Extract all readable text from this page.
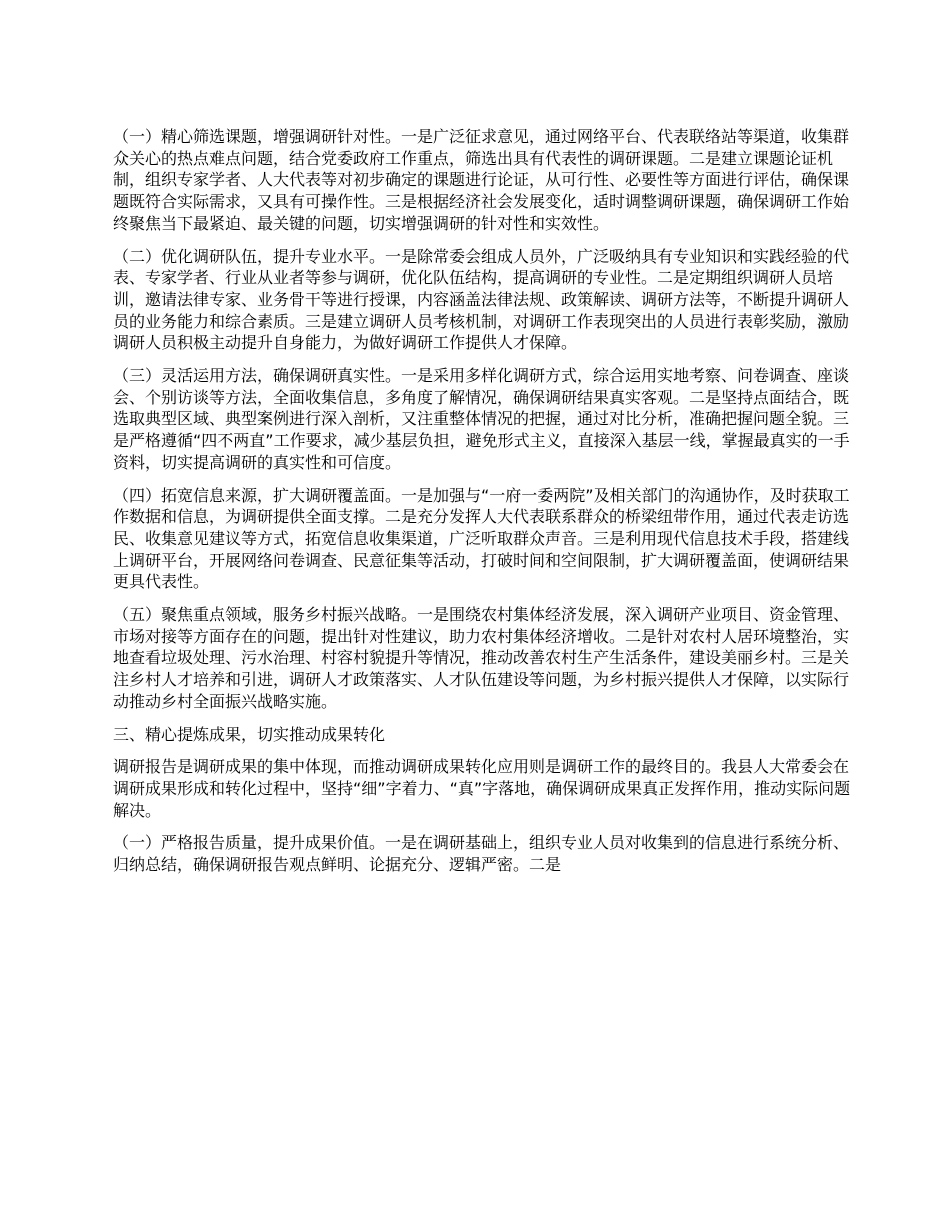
（一）精心筛选课题，增强调研针对性。一是广泛征求意见，通过网络平台、代表联络站等渠道，收集群众关心的热点难点问题，结合党委政府工作重点，筛选出具有代表性的调研课题。二是建立课题论证机制，组织专家学者、人大代表等对初步确定的课题进行论证，从可行性、必要性等方面进行评估，确保课题既符合实际需求，又具有可操作性。三是根据经济社会发展变化，适时调整调研课题，确保调研工作始终聚焦当下最紧迫、最关键的问题，切实增强调研的针对性和实效性。

（二）优化调研队伍，提升专业水平。一是除常委会组成人员外，广泛吸纳具有专业知识和实践经验的代表、专家学者、行业从业者等参与调研，优化队伍结构，提高调研的专业性。二是定期组织调研人员培训，邀请法律专家、业务骨干等进行授课，内容涵盖法律法规、政策解读、调研方法等，不断提升调研人员的业务能力和综合素质。三是建立调研人员考核机制，对调研工作表现突出的人员进行表彰奖励，激励调研人员积极主动提升自身能力，为做好调研工作提供人才保障。

（三）灵活运用方法，确保调研真实性。一是采用多样化调研方式，综合运用实地考察、问卷调查、座谈会、个别访谈等方法，全面收集信息，多角度了解情况，确保调研结果真实客观。二是坚持点面结合，既选取典型区域、典型案例进行深入剖析，又注重整体情况的把握，通过对比分析，准确把握问题全貌。三是严格遵循“四不两直”工作要求，减少基层负担，避免形式主义，直接深入基层一线，掌握最真实的一手资料，切实提高调研的真实性和可信度。

（四）拓宽信息来源，扩大调研覆盖面。一是加强与“一府一委两院”及相关部门的沟通协作，及时获取工作数据和信息，为调研提供全面支撑。二是充分发挥人大代表联系群众的桥梁纽带作用，通过代表走访选民、收集意见建议等方式，拓宽信息收集渠道，广泛听取群众声音。三是利用现代信息技术手段，搭建线上调研平台，开展网络问卷调查、民意征集等活动，打破时间和空间限制，扩大调研覆盖面，使调研结果更具代表性。

（五）聚焦重点领域，服务乡村振兴战略。一是围绕农村集体经济发展，深入调研产业项目、资金管理、市场对接等方面存在的问题，提出针对性建议，助力农村集体经济增收。二是针对农村人居环境整治，实地查看垃圾处理、污水治理、村容村貌提升等情况，推动改善农村生产生活条件，建设美丽乡村。三是关注乡村人才培养和引进，调研人才政策落实、人才队伍建设等问题，为乡村振兴提供人才保障，以实际行动推动乡村全面振兴战略实施。

三、精心提炼成果，切实推动成果转化

调研报告是调研成果的集中体现，而推动调研成果转化应用则是调研工作的最终目的。我县人大常委会在调研成果形成和转化过程中，坚持“细”字着力、“真”字落地，确保调研成果真正发挥作用，推动实际问题解决。

（一）严格报告质量，提升成果价值。一是在调研基础上，组织专业人员对收集到的信息进行系统分析、归纳总结，确保调研报告观点鲜明、论据充分、逻辑严密。二是
